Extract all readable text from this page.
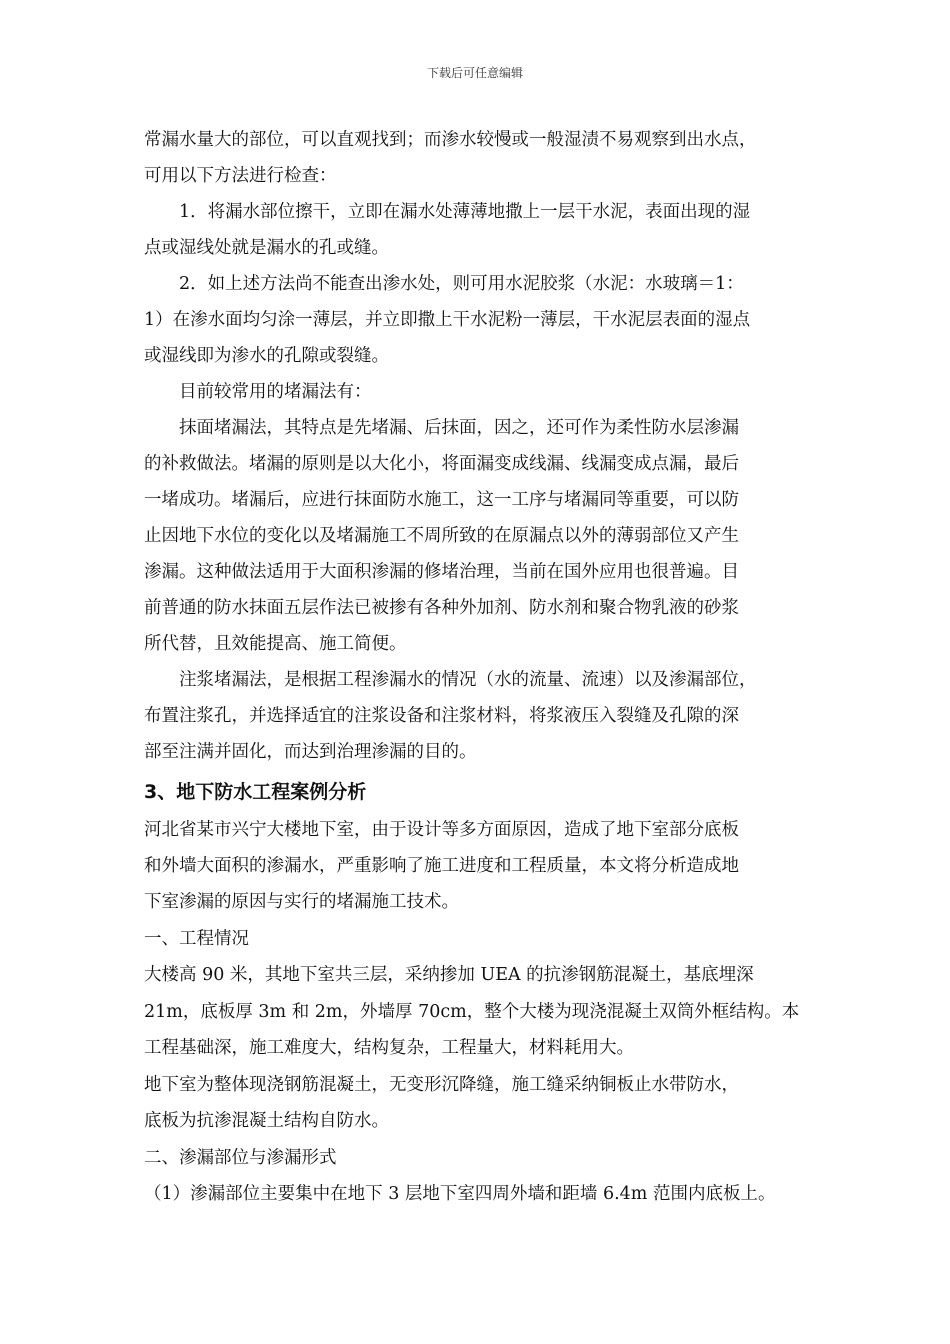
下载后可任意编辑
常漏水量大的部位，可以直观找到；而渗水较慢或一般湿渍不易观察到出水点，
可用以下方法进行检查：
　　1．将漏水部位擦干，立即在漏水处薄薄地撒上一层干水泥，表面出现的湿
点或湿线处就是漏水的孔或缝。
　　2．如上述方法尚不能查出渗水处，则可用水泥胶浆（水泥：水玻璃＝1：
1）在渗水面均匀涂一薄层，并立即撒上干水泥粉一薄层，干水泥层表面的湿点
或湿线即为渗水的孔隙或裂缝。
　　目前较常用的堵漏法有：
　　抹面堵漏法，其特点是先堵漏、后抹面，因之，还可作为柔性防水层渗漏
的补救做法。堵漏的原则是以大化小，将面漏变成线漏、线漏变成点漏，最后
一堵成功。堵漏后，应进行抹面防水施工，这一工序与堵漏同等重要，可以防
止因地下水位的变化以及堵漏施工不周所致的在原漏点以外的薄弱部位又产生
渗漏。这种做法适用于大面积渗漏的修堵治理，当前在国外应用也很普遍。目
前普通的防水抹面五层作法已被掺有各种外加剂、防水剂和聚合物乳液的砂浆
所代替，且效能提高、施工简便。
　　注浆堵漏法，是根据工程渗漏水的情况（水的流量、流速）以及渗漏部位，
布置注浆孔，并选择适宜的注浆设备和注浆材料，将浆液压入裂缝及孔隙的深
部至注满并固化，而达到治理渗漏的目的。
3、地下防水工程案例分析
河北省某市兴宁大楼地下室，由于设计等多方面原因，造成了地下室部分底板
和外墙大面积的渗漏水，严重影响了施工进度和工程质量，本文将分析造成地
下室渗漏的原因与实行的堵漏施工技术。
一、工程情况
大楼高 90 米，其地下室共三层，采纳掺加 UEA 的抗渗钢筋混凝土，基底埋深
21m，底板厚 3m 和 2m，外墙厚 70cm，整个大楼为现浇混凝土双筒外框结构。本
工程基础深，施工难度大，结构复杂，工程量大，材料耗用大。
地下室为整体现浇钢筋混凝土，无变形沉降缝，施工缝采纳铜板止水带防水，
底板为抗渗混凝土结构自防水。
二、渗漏部位与渗漏形式
（1）渗漏部位主要集中在地下 3 层地下室四周外墙和距墙 6.4m 范围内底板上。
